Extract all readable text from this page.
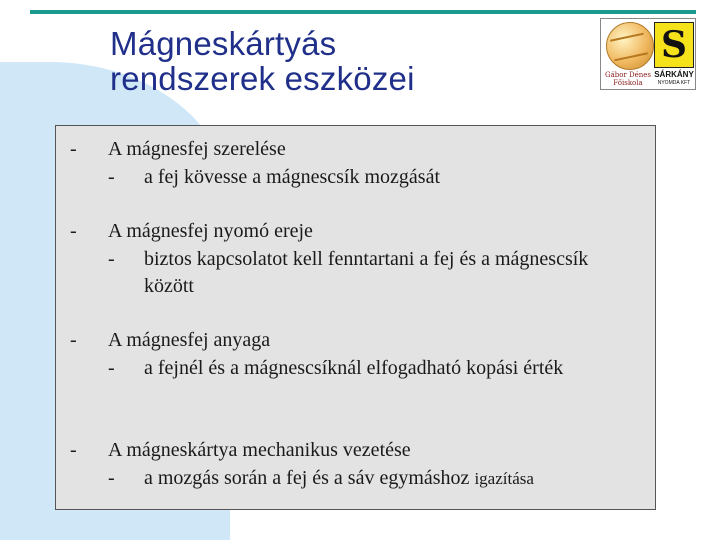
Mágneskártyás
rendszerek eszközei
S
Gábor Dénes Főiskola
SÁRKÁNY
NYOMDA KFT
- A mágnesfej szerelése
- a fej kövesse a mágnescsík mozgását
- A mágnesfej nyomó ereje
- biztos kapcsolatot kell fenntartani a fej és a mágnescsík között
- A mágnesfej anyaga
- a fejnél és a mágnescsíknál elfogadható kopási érték
- A mágneskártya mechanikus vezetése
- a mozgás során a fej és a sáv egymáshoz igazítása
